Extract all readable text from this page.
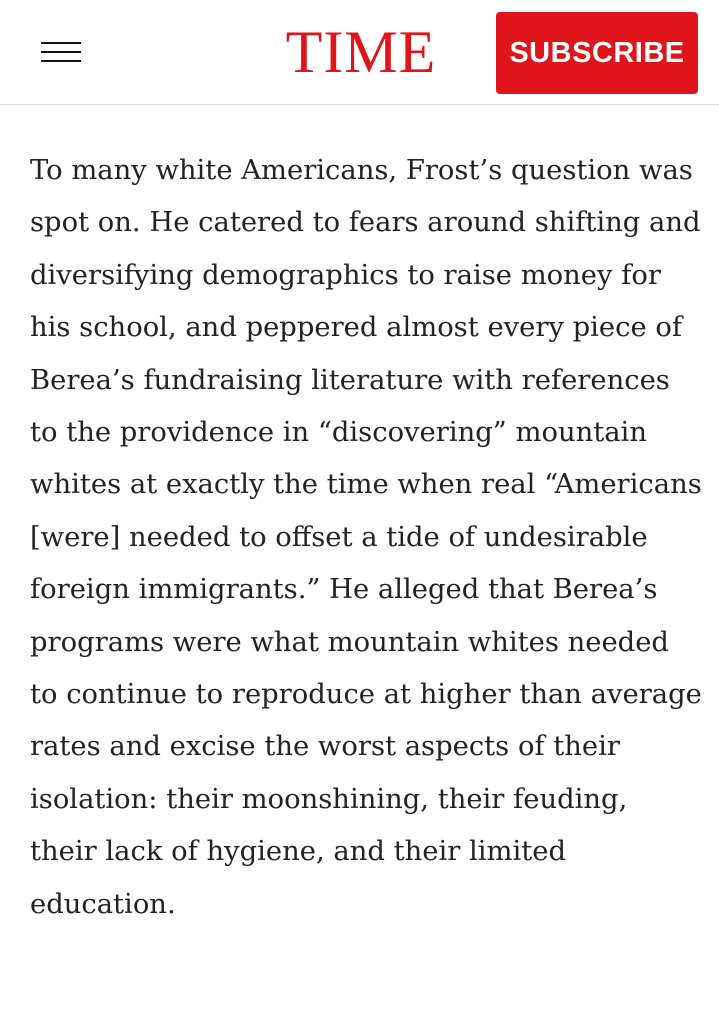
TIME	SUBSCRIBE

To many white Americans, Frost’s question was spot on. He catered to fears around shifting and diversifying demographics to raise money for his school, and peppered almost every piece of Berea’s fundraising literature with references to the providence in “discovering” mountain whites at exactly the time when real “Americans [were] needed to offset a tide of undesirable foreign immigrants.” He alleged that Berea’s programs were what mountain whites needed to continue to reproduce at higher than average rates and excise the worst aspects of their isolation: their moonshining, their feuding, their lack of hygiene, and their limited education.
